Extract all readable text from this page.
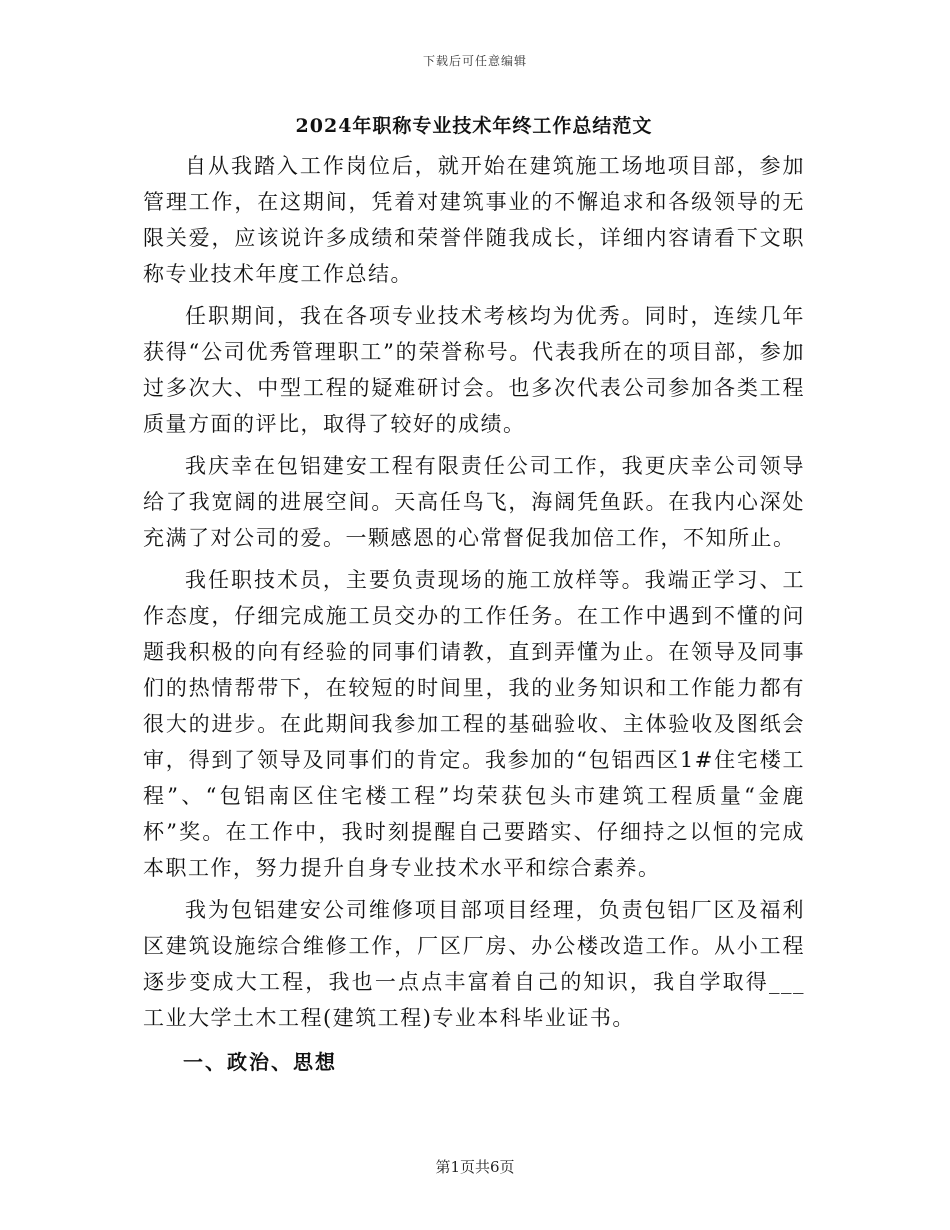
下载后可任意编辑
2024年职称专业技术年终工作总结范文

自从我踏入工作岗位后，就开始在建筑施工场地项目部，参加管理工作，在这期间，凭着对建筑事业的不懈追求和各级领导的无限关爱，应该说许多成绩和荣誉伴随我成长，详细内容请看下文职称专业技术年度工作总结。

任职期间，我在各项专业技术考核均为优秀。同时，连续几年获得“公司优秀管理职工”的荣誉称号。代表我所在的项目部，参加过多次大、中型工程的疑难研讨会。也多次代表公司参加各类工程质量方面的评比，取得了较好的成绩。

我庆幸在包铝建安工程有限责任公司工作，我更庆幸公司领导给了我宽阔的进展空间。天高任鸟飞，海阔凭鱼跃。在我内心深处充满了对公司的爱。一颗感恩的心常督促我加倍工作，不知所止。

我任职技术员，主要负责现场的施工放样等。我端正学习、工作态度，仔细完成施工员交办的工作任务。在工作中遇到不懂的问题我积极的向有经验的同事们请教，直到弄懂为止。在领导及同事们的热情帮带下，在较短的时间里，我的业务知识和工作能力都有很大的进步。在此期间我参加工程的基础验收、主体验收及图纸会审，得到了领导及同事们的肯定。我参加的“包铝西区1#住宅楼工程”、“包铝南区住宅楼工程”均荣获包头市建筑工程质量“金鹿杯”奖。在工作中，我时刻提醒自己要踏实、仔细持之以恒的完成本职工作，努力提升自身专业技术水平和综合素养。

我为包铝建安公司维修项目部项目经理，负责包铝厂区及福利区建筑设施综合维修工作，厂区厂房、办公楼改造工作。从小工程逐步变成大工程，我也一点点丰富着自己的知识，我自学取得___工业大学土木工程(建筑工程)专业本科毕业证书。

一、政治、思想
第1页共6页
